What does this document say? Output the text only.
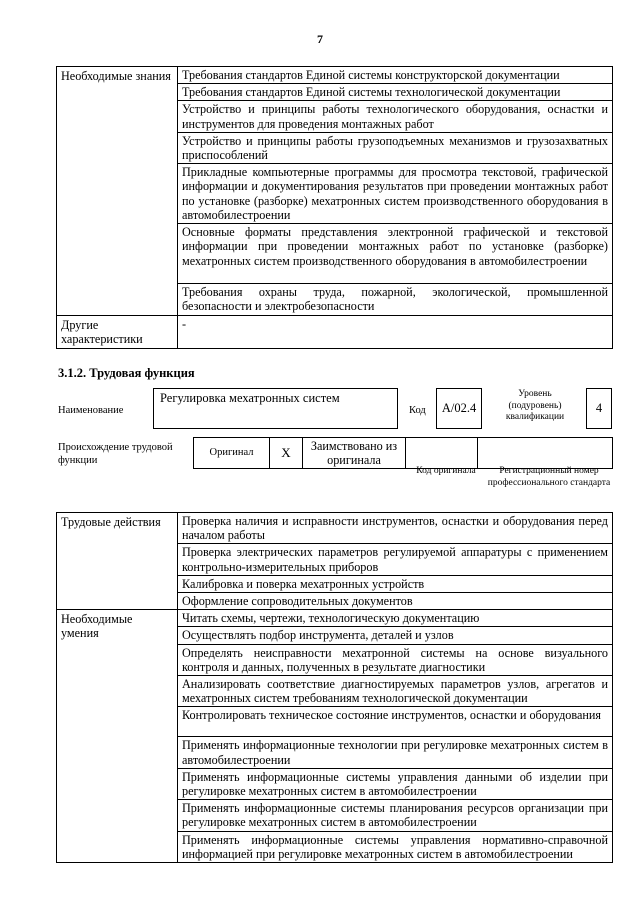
7
Необходимые знания	Требования стандартов Единой системы конструкторской документации
	Требования стандартов Единой системы технологической документации
	Устройство и принципы работы технологического оборудования, оснастки и инструментов для проведения монтажных работ
	Устройство и принципы работы грузоподъемных механизмов и грузозахватных приспособлений
	Прикладные компьютерные программы для просмотра текстовой, графической информации и документирования результатов при проведении монтажных работ по установке (разборке) мехатронных систем производственного оборудования в автомобилестроении
	Основные форматы представления электронной графической и текстовой информации при проведении монтажных работ по установке (разборке) мехатронных систем производственного оборудования в автомобилестроении
	Требования охраны труда, пожарной, экологической, промышленной безопасности и электробезопасности
Другие характеристики	-
3.1.2. Трудовая функция
Наименование
Регулировка мехатронных систем
Код	A/02.4
Уровень (подуровень) квалификации
4
Происхождение трудовой функции
Оригинал	X	Заимствовано из оригинала		
Код оригинала	Регистрационный номер профессионального стандарта
Трудовые действия	Проверка наличия и исправности инструментов, оснастки и оборудования перед началом работы
	Проверка электрических параметров регулируемой аппаратуры с применением контрольно-измерительных приборов
	Калибровка и поверка мехатронных устройств
	Оформление сопроводительных документов
Необходимые умения	Читать схемы, чертежи, технологическую документацию
	Осуществлять подбор инструмента, деталей и узлов
	Определять неисправности мехатронной системы на основе визуального контроля и данных, полученных в результате диагностики
	Анализировать соответствие диагностируемых параметров узлов, агрегатов и мехатронных систем требованиям технологической документации
	Контролировать техническое состояние инструментов, оснастки и оборудования
	Применять информационные технологии при регулировке мехатронных систем в автомобилестроении
	Применять информационные системы управления данными об изделии при регулировке мехатронных систем в автомобилестроении
	Применять информационные системы планирования ресурсов организации при регулировке мехатронных систем в автомобилестроении
	Применять информационные системы управления нормативно-справочной информацией при регулировке мехатронных систем в автомобилестроении
